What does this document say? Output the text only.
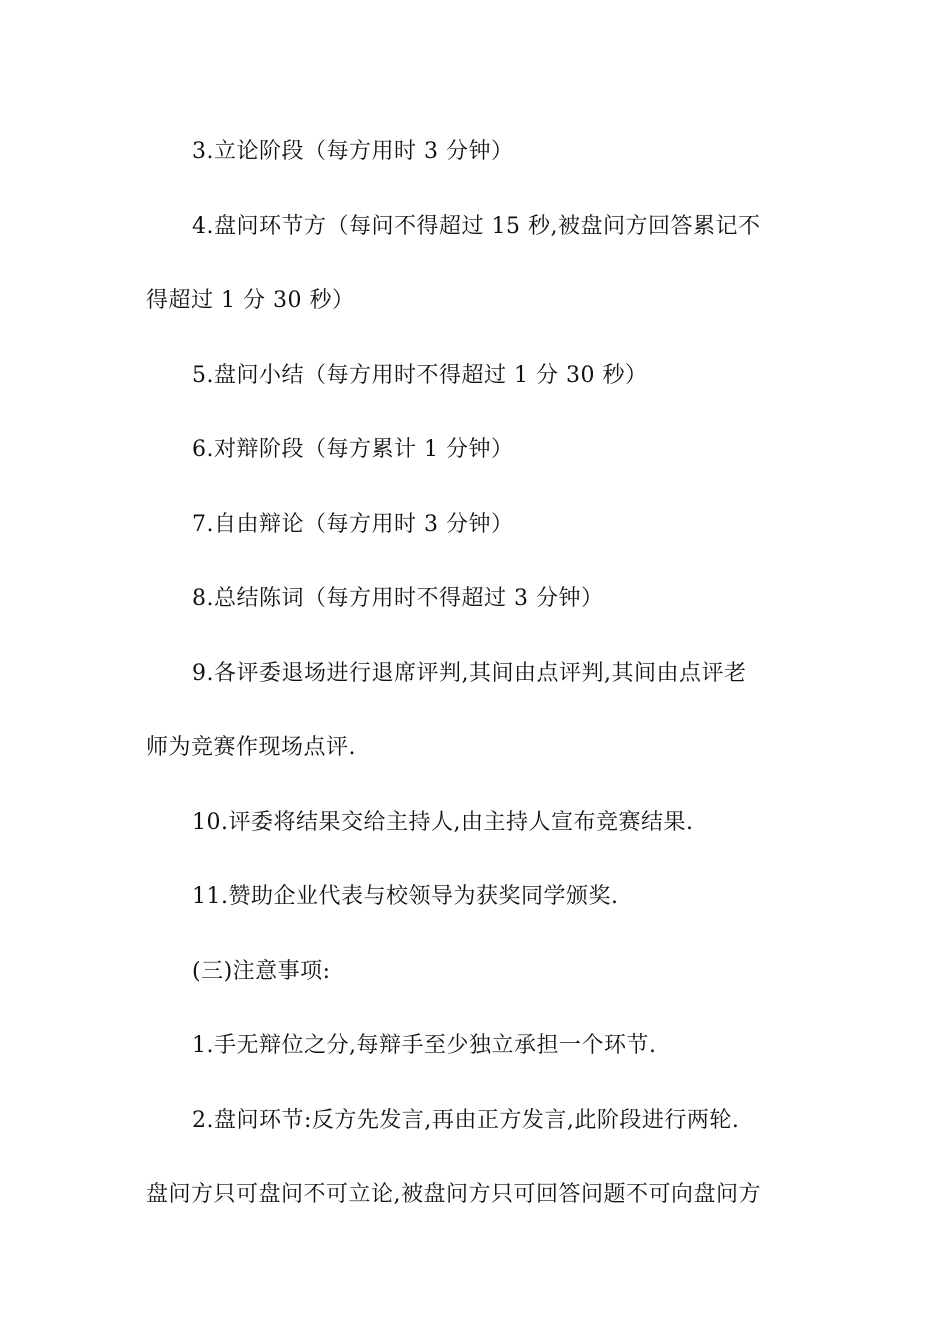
3.立论阶段（每方用时 3 分钟）
4.盘问环节方（每问不得超过 15 秒,被盘问方回答累记不
得超过 1 分 30 秒）
5.盘问小结（每方用时不得超过 1 分 30 秒）
6.对辩阶段（每方累计 1 分钟）
7.自由辩论（每方用时 3 分钟）
8.总结陈词（每方用时不得超过 3 分钟）
9.各评委退场进行退席评判,其间由点评判,其间由点评老
师为竞赛作现场点评.
10.评委将结果交给主持人,由主持人宣布竞赛结果.
11.赞助企业代表与校领导为获奖同学颁奖.
(三)注意事项:
1.手无辩位之分,每辩手至少独立承担一个环节.
2.盘问环节:反方先发言,再由正方发言,此阶段进行两轮.
盘问方只可盘问不可立论,被盘问方只可回答问题不可向盘问方
